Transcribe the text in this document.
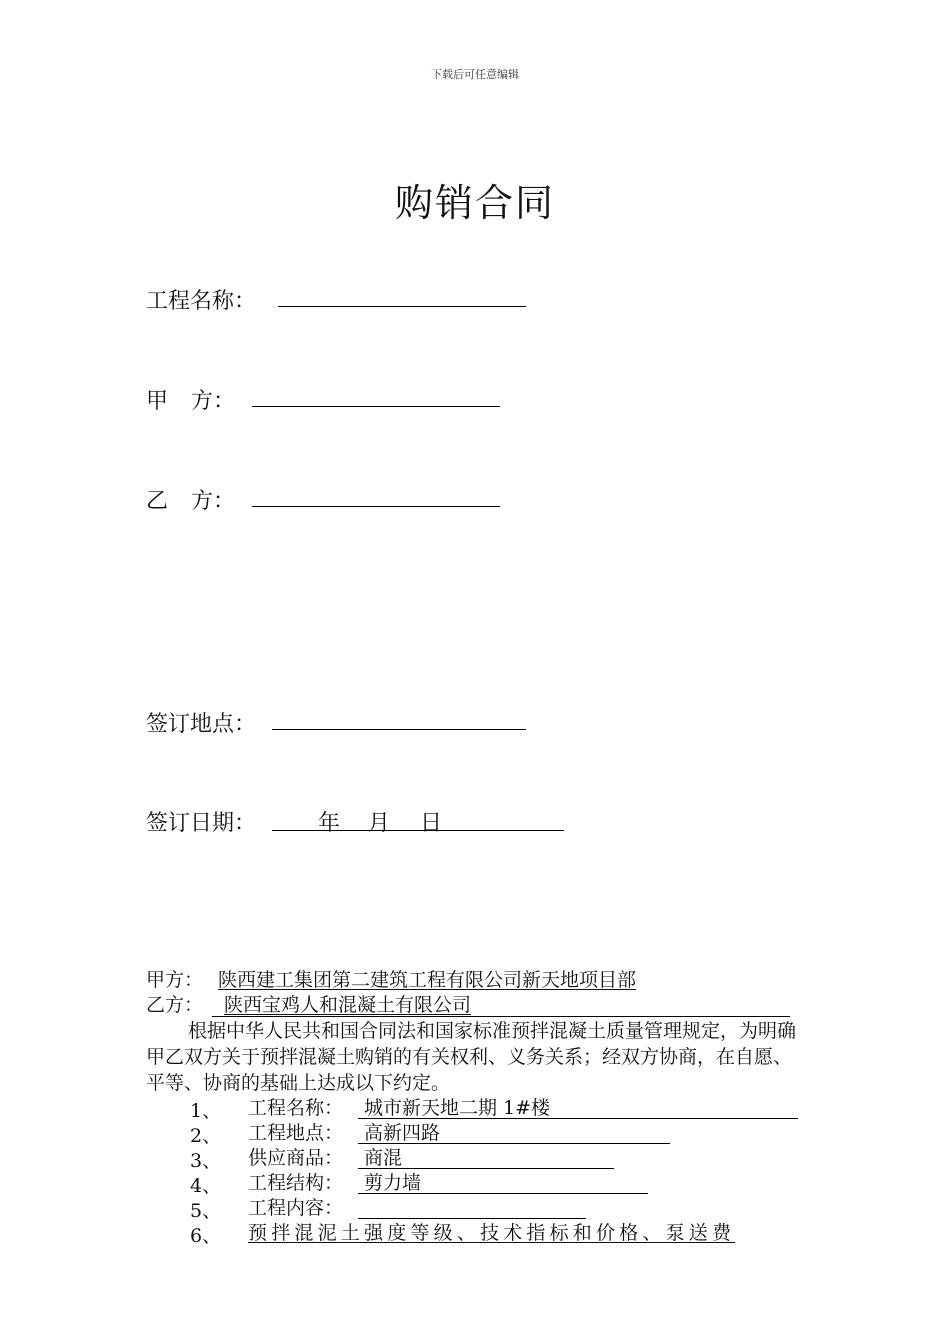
下载后可任意编辑
购销合同
工程名称：
甲 方：
乙 方：
签订地点：
签订日期：	年 月 日
甲方： 陕西建工集团第二建筑工程有限公司新天地项目部
乙方： 陕西宝鸡人和混凝土有限公司
根据中华人民共和国合同法和国家标准预拌混凝土质量管理规定，为明确甲乙双方关于预拌混凝土购销的有关权利、义务关系；经双方协商，在自愿、平等、协商的基础上达成以下约定。
1、 工程名称： 城市新天地二期 1#楼
2、 工程地点： 高新四路
3、 供应商品： 商混
4、 工程结构： 剪力墙
5、 工程内容：
6、 预拌混泥土强度等级、技术指标和价格、泵送费
